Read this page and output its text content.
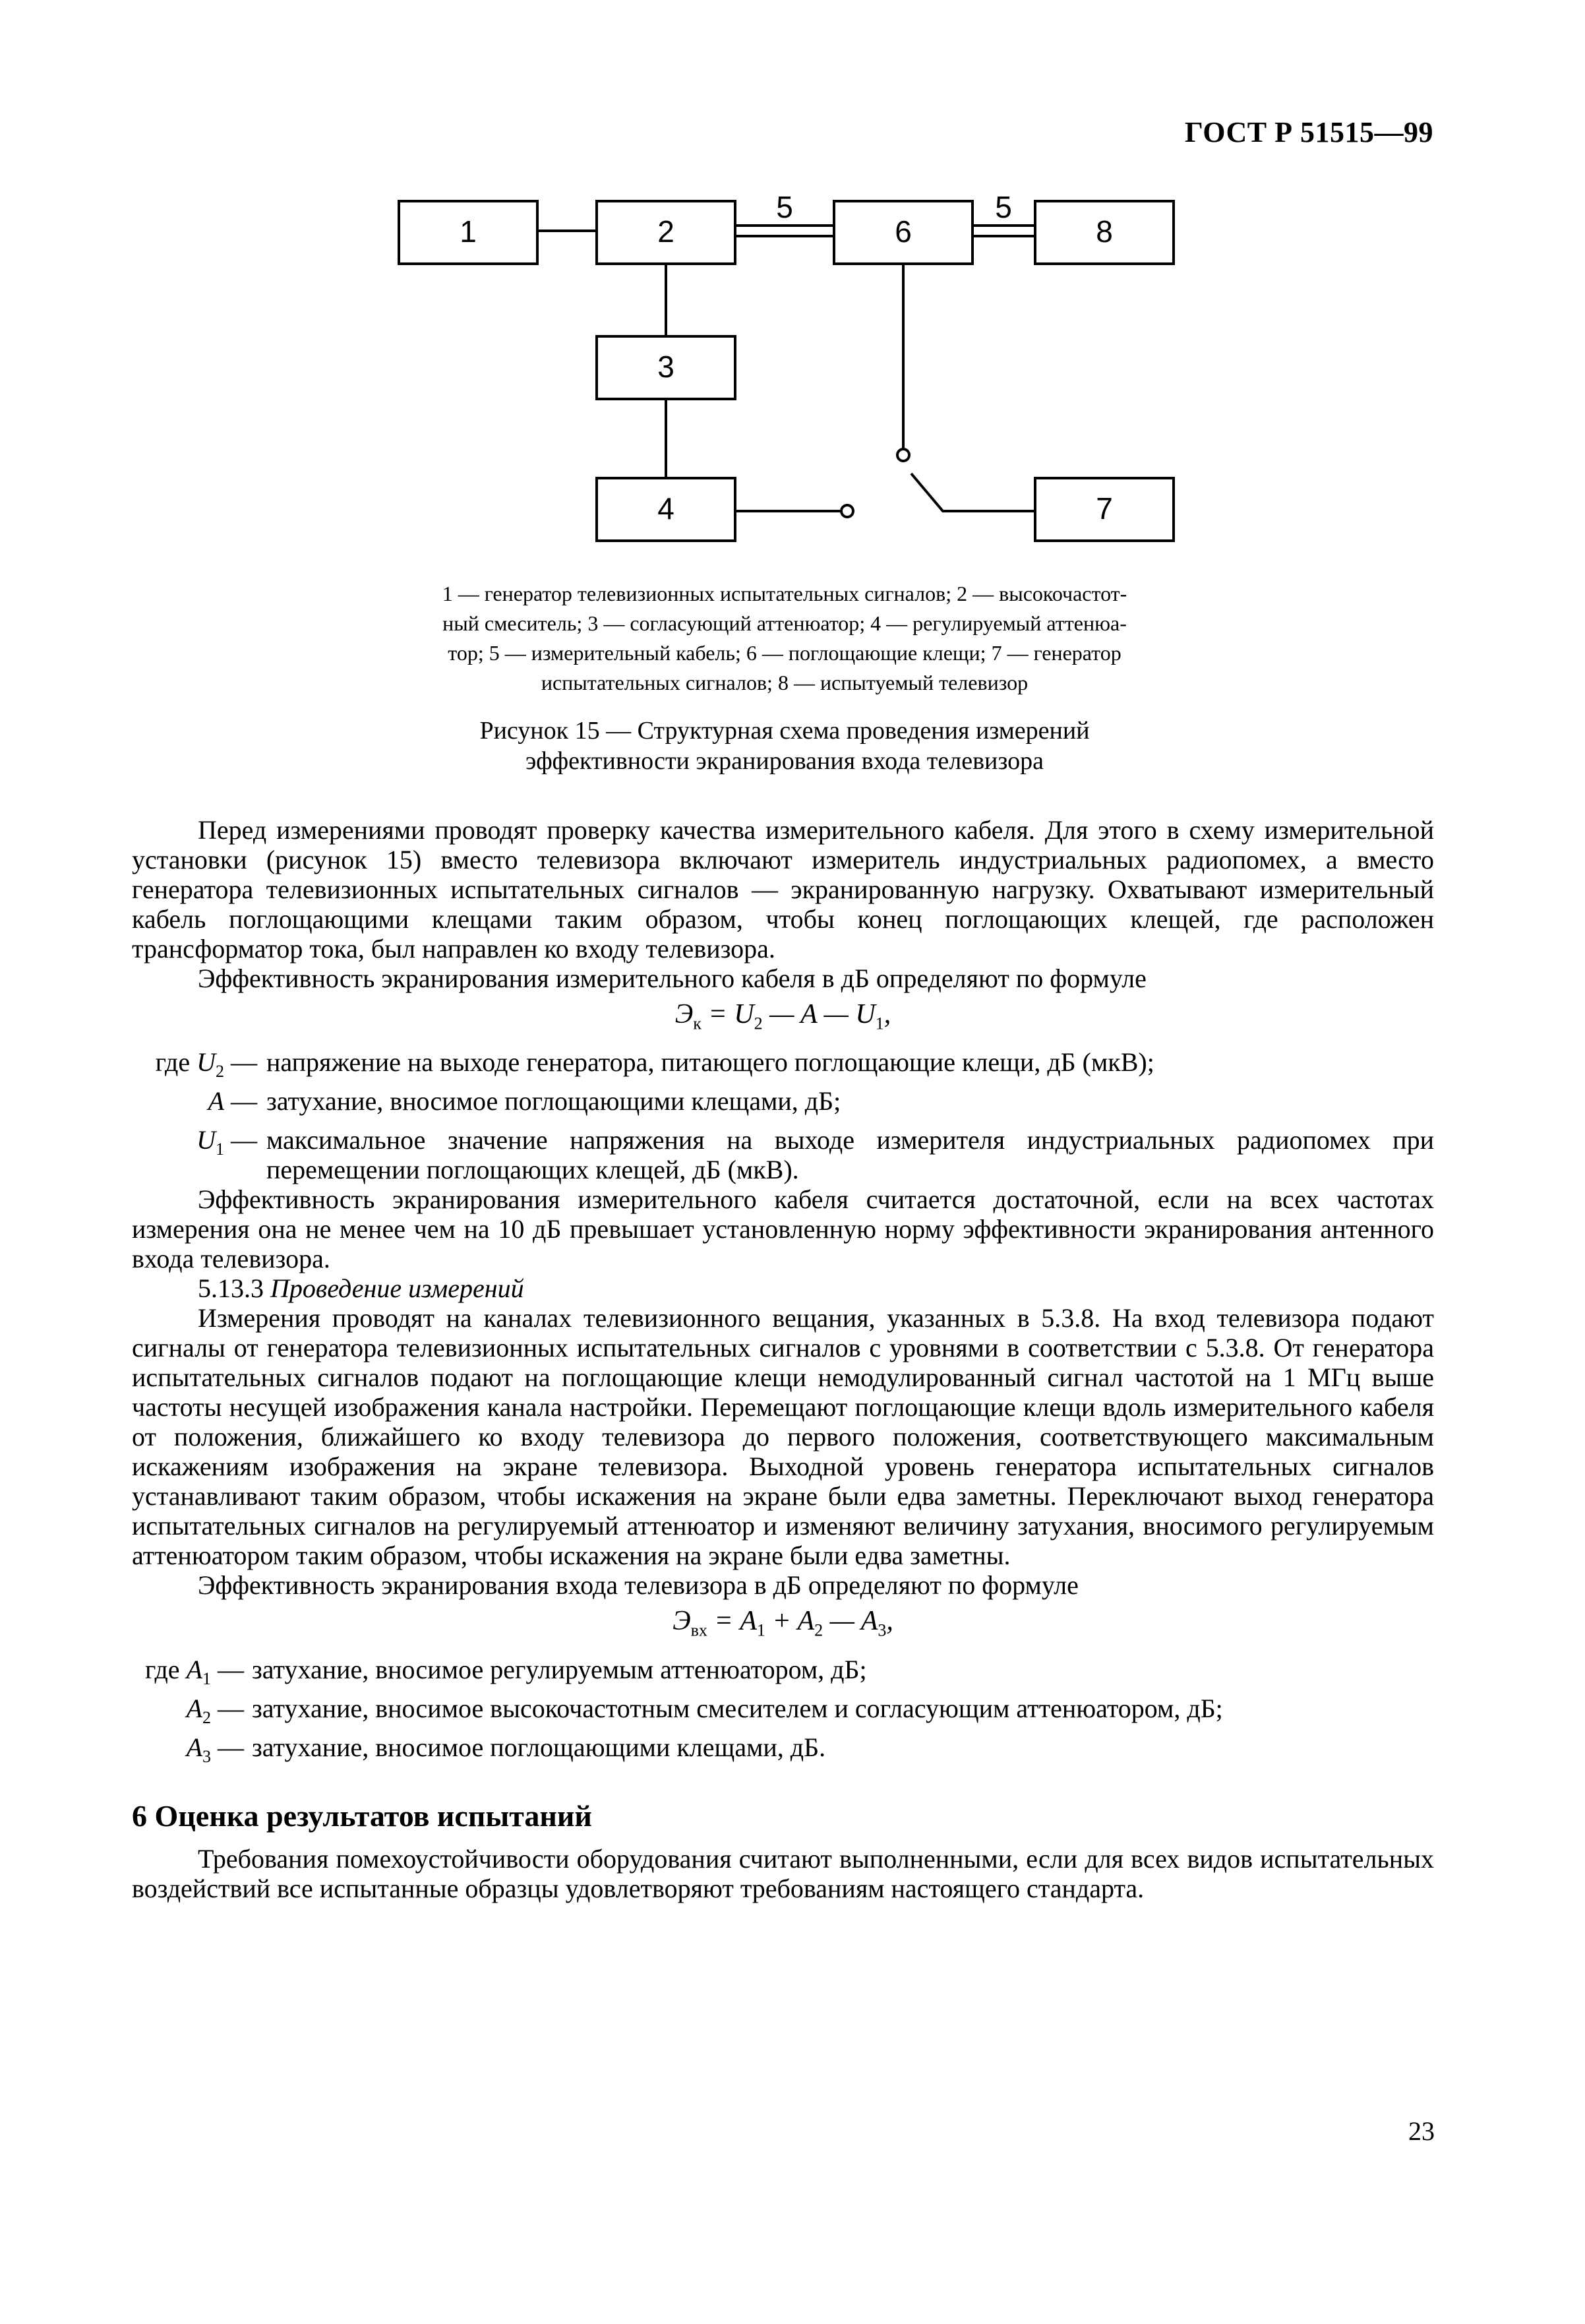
ГОСТ Р 51515—99
1	2	6	8
3
4	7
5	5

1 — генератор телевизионных испытательных сигналов; 2 — высокочастот-

ный смеситель; 3 — согласующий аттенюатор; 4 — регулируемый аттенюа-

тор; 5 — измерительный кабель; 6 — поглощающие клещи; 7 — генератор

испытательных сигналов; 8 — испытуемый телевизор

Рисунок 15 — Структурная схема проведения измерений

эффективности экранирования входа телевизора

Перед измерениями проводят проверку качества измерительного кабеля. Для этого в схему измерительной установки (рисунок 15) вместо телевизора включают измеритель индустриальных радиопомех, а вместо генератора телевизионных испытательных сигналов — экранированную нагрузку. Охватывают измерительный кабель поглощающими клещами таким образом, чтобы конец поглощающих клещей, где расположен трансформатор тока, был направлен ко входу телевизора.

Эффективность экранирования измерительного кабеля в дБ определяют по формуле

$Э_к = U_2$ — A — $U_1$,

где $U_2$ — напряжение на выходе генератора, питающего поглощающие клещи, дБ (мкВ);
A — затухание, вносимое поглощающими клещами, дБ;
$U_1$ — максимальное значение напряжения на выходе измерителя индустриальных радиопомех при перемещении поглощающих клещей, дБ (мкВ).

Эффективность экранирования измерительного кабеля считается достаточной, если на всех частотах измерения она не менее чем на 10 дБ превышает установленную норму эффективности экранирования антенного входа телевизора.

5.13.3 Проведение измерений

Измерения проводят на каналах телевизионного вещания, указанных в 5.3.8. На вход телевизора подают сигналы от генератора телевизионных испытательных сигналов с уровнями в соответствии с 5.3.8. От генератора испытательных сигналов подают на поглощающие клещи немодулированный сигнал частотой на 1 МГц выше частоты несущей изображения канала настройки. Перемещают поглощающие клещи вдоль измерительного кабеля от положения, ближайшего ко входу телевизора до первого положения, соответствующего максимальным искажениям изображения на экране телевизора. Выходной уровень генератора испытательных сигналов устанавливают таким образом, чтобы искажения на экране были едва заметны. Переключают выход генератора испытательных сигналов на регулируемый аттенюатор и изменяют величину затухания, вносимого регулируемым аттенюатором таким образом, чтобы искажения на экране были едва заметны.

Эффективность экранирования входа телевизора в дБ определяют по формуле

$Э_{вх} = A_1 + A_2$ — $A_3$,

где $A_1$ — затухание, вносимое регулируемым аттенюатором, дБ;
$A_2$ — затухание, вносимое высокочастотным смесителем и согласующим аттенюатором, дБ;
$A_3$ — затухание, вносимое поглощающими клещами, дБ.

6 Оценка результатов испытаний

Требования помехоустойчивости оборудования считают выполненными, если для всех видов испытательных воздействий все испытанные образцы удовлетворяют требованиям настоящего стандарта.

23
